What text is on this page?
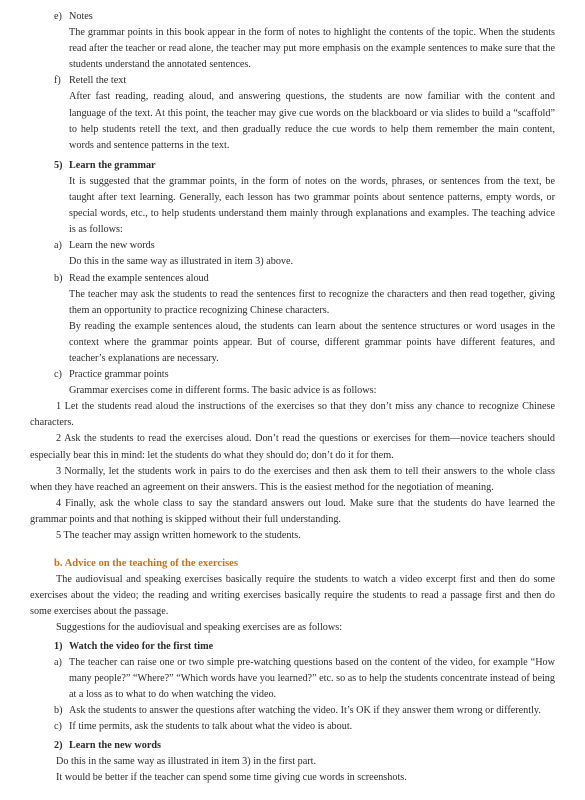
e) Notes

The grammar points in this book appear in the form of notes to highlight the contents of the topic. When the students read after the teacher or read alone, the teacher may put more emphasis on the example sentences to make sure that the students understand the annotated sentences.

f) Retell the text

After fast reading, reading aloud, and answering questions, the students are now familiar with the content and language of the text. At this point, the teacher may give cue words on the blackboard or via slides to build a “scaffold” to help students retell the text, and then gradually reduce the cue words to help them remember the main content, words and sentence patterns in the text.

5) Learn the grammar

It is suggested that the grammar points, in the form of notes on the words, phrases, or sentences from the text, be taught after text learning. Generally, each lesson has two grammar points about sentence patterns, empty words, or special words, etc., to help students understand them mainly through explanations and examples. The teaching advice is as follows:

a) Learn the new words

Do this in the same way as illustrated in item 3) above.

b) Read the example sentences aloud

The teacher may ask the students to read the sentences first to recognize the characters and then read together, giving them an opportunity to practice recognizing Chinese characters.

By reading the example sentences aloud, the students can learn about the sentence structures or word usages in the context where the grammar points appear. But of course, different grammar points have different features, and teacher’s explanations are necessary.

c) Practice grammar points

Grammar exercises come in different forms. The basic advice is as follows:

1 Let the students read aloud the instructions of the exercises so that they don’t miss any chance to recognize Chinese characters.

2 Ask the students to read the exercises aloud. Don’t read the questions or exercises for them—novice teachers should especially bear this in mind: let the students do what they should do; don’t do it for them.

3 Normally, let the students work in pairs to do the exercises and then ask them to tell their answers to the whole class when they have reached an agreement on their answers. This is the easiest method for the negotiation of meaning.

4 Finally, ask the whole class to say the standard answers out loud. Make sure that the students do have learned the grammar points and that nothing is skipped without their full understanding.

5 The teacher may assign written homework to the students.

b. Advice on the teaching of the exercises

The audiovisual and speaking exercises basically require the students to watch a video excerpt first and then do some exercises about the video; the reading and writing exercises basically require the students to read a passage first and then do some exercises about the passage.

Suggestions for the audiovisual and speaking exercises are as follows:

1) Watch the video for the first time
a) The teacher can raise one or two simple pre-watching questions based on the content of the video, for example “How many people?” “Where?” “Which words have you learned?” etc. so as to help the students concentrate instead of being at a loss as to what to do when watching the video.
b) Ask the students to answer the questions after watching the video. It’s OK if they answer them wrong or differently.
c) If time permits, ask the students to talk about what the video is about.
2) Learn the new words

Do this in the same way as illustrated in item 3) in the first part.

It would be better if the teacher can spend some time giving cue words in screenshots.
